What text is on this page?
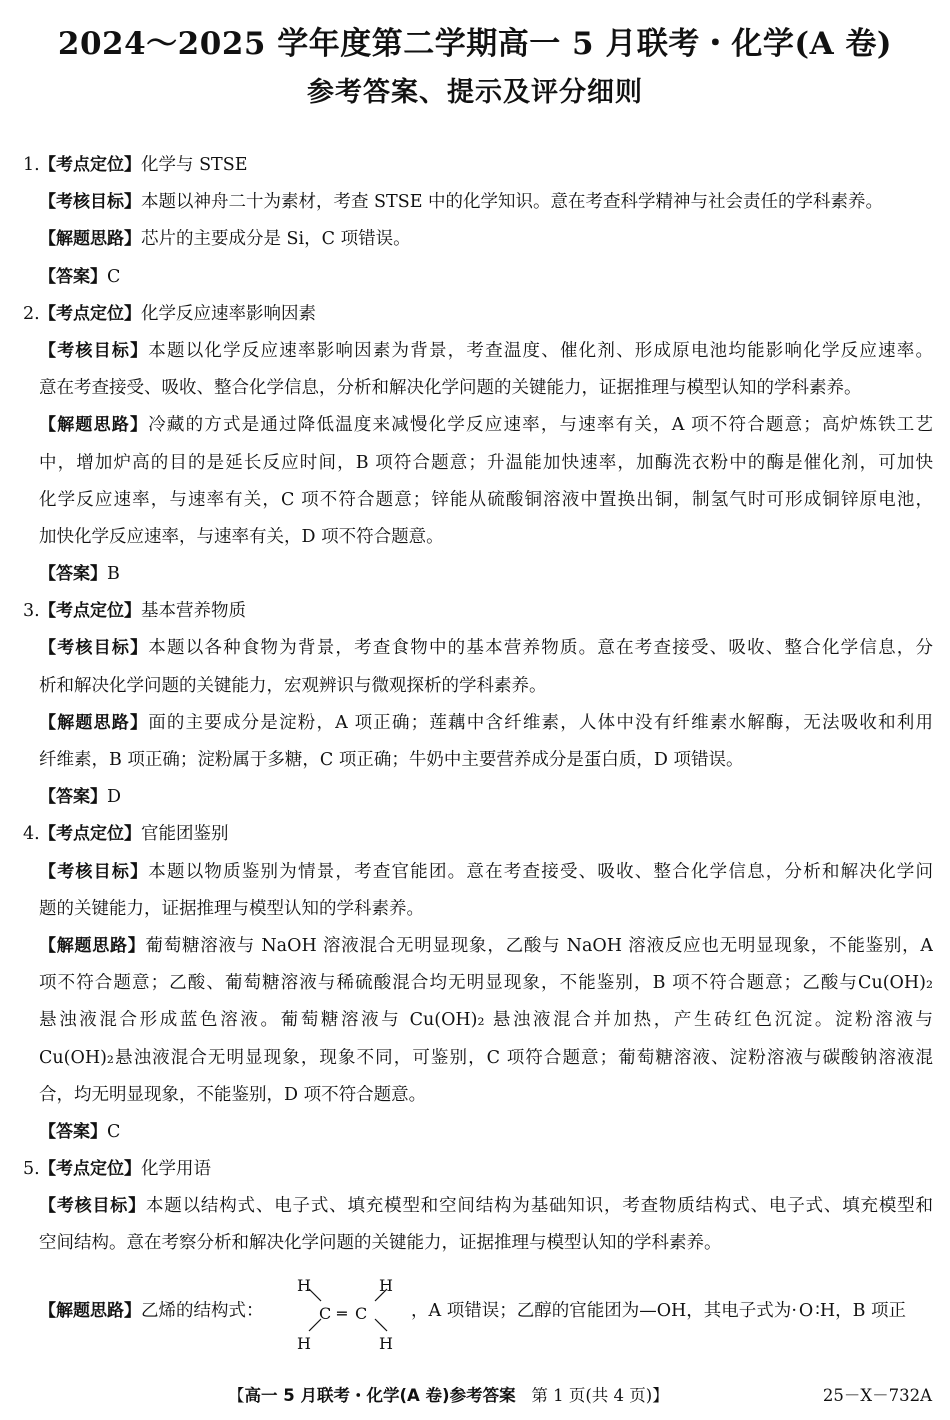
2024～2025 学年度第二学期高一 5 月联考・化学(A 卷)
参考答案、提示及评分细则
1.【考点定位】化学与 STSE
【考核目标】本题以神舟二十为素材，考查 STSE 中的化学知识。意在考查科学精神与社会责任的学科素养。
【解题思路】芯片的主要成分是 Si，C 项错误。
【答案】C
2.【考点定位】化学反应速率影响因素
【考核目标】本题以化学反应速率影响因素为背景，考查温度、催化剂、形成原电池均能影响化学反应速率。
意在考查接受、吸收、整合化学信息，分析和解决化学问题的关键能力，证据推理与模型认知的学科素养。
【解题思路】冷藏的方式是通过降低温度来减慢化学反应速率，与速率有关，A 项不符合题意；高炉炼铁工艺
中，增加炉高的目的是延长反应时间，B 项符合题意；升温能加快速率，加酶洗衣粉中的酶是催化剂，可加快
化学反应速率，与速率有关，C 项不符合题意；锌能从硫酸铜溶液中置换出铜，制氢气时可形成铜锌原电池，
加快化学反应速率，与速率有关，D 项不符合题意。
【答案】B
3.【考点定位】基本营养物质
【考核目标】本题以各种食物为背景，考查食物中的基本营养物质。意在考查接受、吸收、整合化学信息，分
析和解决化学问题的关键能力，宏观辨识与微观探析的学科素养。
【解题思路】面的主要成分是淀粉，A 项正确；莲藕中含纤维素，人体中没有纤维素水解酶，无法吸收和利用
纤维素，B 项正确；淀粉属于多糖，C 项正确；牛奶中主要营养成分是蛋白质，D 项错误。
【答案】D
4.【考点定位】官能团鉴别
【考核目标】本题以物质鉴别为情景，考查官能团。意在考查接受、吸收、整合化学信息，分析和解决化学问
题的关键能力，证据推理与模型认知的学科素养。
【解题思路】葡萄糖溶液与 NaOH 溶液混合无明显现象，乙酸与 NaOH 溶液反应也无明显现象，不能鉴别，A
项不符合题意；乙酸、葡萄糖溶液与稀硫酸混合均无明显现象，不能鉴别，B 项不符合题意；乙酸与Cu(OH)₂
悬浊液混合形成蓝色溶液。葡萄糖溶液与 Cu(OH)₂ 悬浊液混合并加热，产生砖红色沉淀。淀粉溶液与
Cu(OH)₂悬浊液混合无明显现象，现象不同，可鉴别，C 项符合题意；葡萄糖溶液、淀粉溶液与碳酸钠溶液混
合，均无明显现象，不能鉴别，D 项不符合题意。
【答案】C
5.【考点定位】化学用语
【考核目标】本题以结构式、电子式、填充模型和空间结构为基础知识，考查物质结构式、电子式、填充模型和
空间结构。意在考察分析和解决化学问题的关键能力，证据推理与模型认知的学科素养。
【解题思路】乙烯的结构式：
H	H
H	H
C ═ C	，A 项错误；乙醇的官能团为—OH，其电子式为· O ∶H，B 项正
【高一 5 月联考・化学(A 卷)参考答案 第 1 页(共 4 页)】	25－X－732A
